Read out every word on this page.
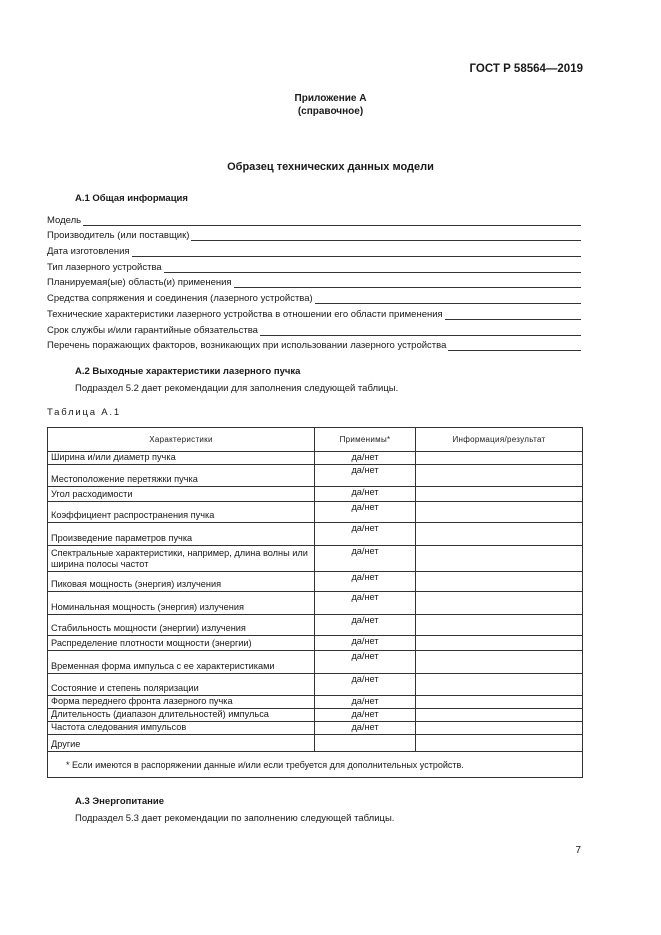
ГОСТ Р 58564—2019
Приложение А
(справочное)
Образец технических данных модели
А.1 Общая информация
Модель
Производитель (или поставщик)
Дата изготовления
Тип лазерного устройства
Планируемая(ые) область(и) применения
Средства сопряжения и соединения (лазерного устройства)
Технические характеристики лазерного устройства в отношении его области применения
Срок службы и/или гарантийные обязательства
Перечень поражающих факторов, возникающих при использовании лазерного устройства
А.2 Выходные характеристики лазерного пучка
Подраздел 5.2 дает рекомендации для заполнения следующей таблицы.
Таблица А.1
Характеристики	Применимы*	Информация/результат
Ширина и/или диаметр пучка	да/нет	
Местоположение перетяжки пучка	да/нет	
Угол расходимости	да/нет	
Коэффициент распространения пучка	да/нет	
Произведение параметров пучка	да/нет	
Спектральные характеристики, например, длина волны или ширина полосы частот	да/нет	
Пиковая мощность (энергия) излучения	да/нет	
Номинальная мощность (энергия) излучения	да/нет	
Стабильность мощности (энергии) излучения	да/нет	
Распределение плотности мощности (энергии)	да/нет	
Временная форма импульса с ее характеристиками	да/нет	
Состояние и степень поляризации	да/нет	
Форма переднего фронта лазерного пучка	да/нет	
Длительность (диапазон длительностей) импульса	да/нет	
Частота следования импульсов	да/нет	
Другие		
* Если имеются в распоряжении данные и/или если требуется для дополнительных устройств.		
А.3 Энергопитание
Подраздел 5.3 дает рекомендации по заполнению следующей таблицы.
7
